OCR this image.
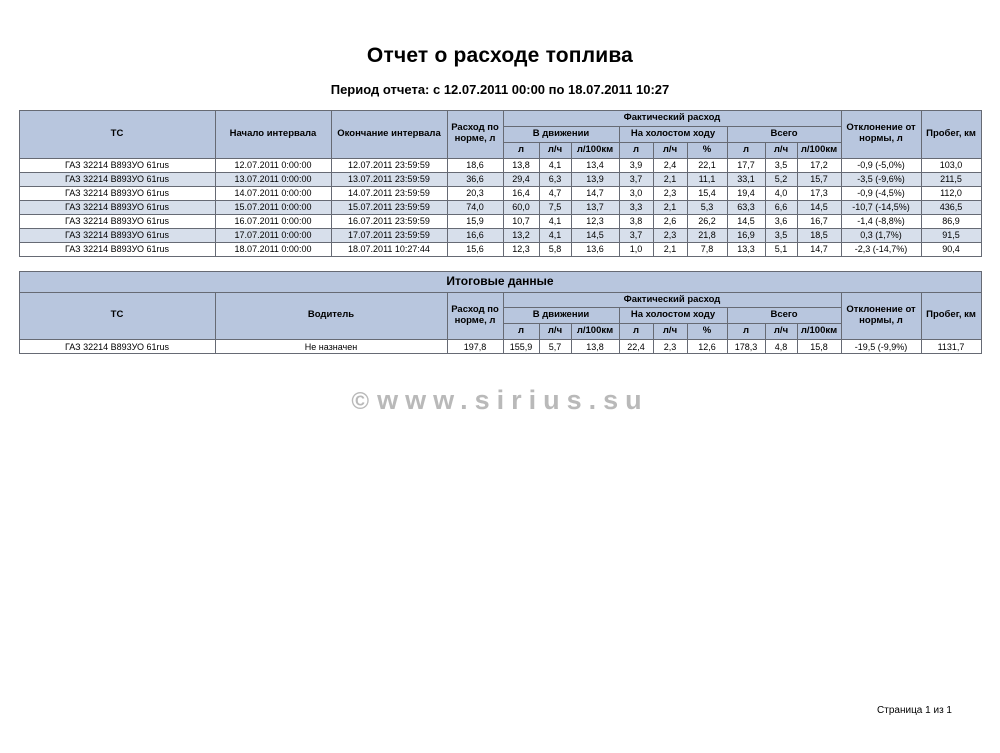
Отчет о расходе топлива
Период отчета: с 12.07.2011 00:00 по 18.07.2011 10:27
ТС	Начало интервала	Окончание интервала	Расход по норме, л	Фактический расход									Отклонение от нормы, л	Пробег, км
				В движении			На холостом ходу			Всего				
				л	л/ч	л/100км	л	л/ч	%	л	л/ч	л/100км		
ГАЗ 32214 В893УО 61rus	12.07.2011 0:00:00	12.07.2011 23:59:59	18,6	13,8	4,1	13,4	3,9	2,4	22,1	17,7	3,5	17,2	-0,9 (-5,0%)	103,0
ГАЗ 32214 В893УО 61rus	13.07.2011 0:00:00	13.07.2011 23:59:59	36,6	29,4	6,3	13,9	3,7	2,1	11,1	33,1	5,2	15,7	-3,5 (-9,6%)	211,5
ГАЗ 32214 В893УО 61rus	14.07.2011 0:00:00	14.07.2011 23:59:59	20,3	16,4	4,7	14,7	3,0	2,3	15,4	19,4	4,0	17,3	-0,9 (-4,5%)	112,0
ГАЗ 32214 В893УО 61rus	15.07.2011 0:00:00	15.07.2011 23:59:59	74,0	60,0	7,5	13,7	3,3	2,1	5,3	63,3	6,6	14,5	-10,7 (-14,5%)	436,5
ГАЗ 32214 В893УО 61rus	16.07.2011 0:00:00	16.07.2011 23:59:59	15,9	10,7	4,1	12,3	3,8	2,6	26,2	14,5	3,6	16,7	-1,4 (-8,8%)	86,9
ГАЗ 32214 В893УО 61rus	17.07.2011 0:00:00	17.07.2011 23:59:59	16,6	13,2	4,1	14,5	3,7	2,3	21,8	16,9	3,5	18,5	0,3 (1,7%)	91,5
ГАЗ 32214 В893УО 61rus	18.07.2011 0:00:00	18.07.2011 10:27:44	15,6	12,3	5,8	13,6	1,0	2,1	7,8	13,3	5,1	14,7	-2,3 (-14,7%)	90,4
Итоговые данные													
ТС	Водитель	Расход по норме, л	Фактический расход									Отклонение от нормы, л	Пробег, км
			В движении			На холостом ходу			Всего				
			л	л/ч	л/100км	л	л/ч	%	л	л/ч	л/100км		
ГАЗ 32214 В893УО 61rus	Не назначен	197,8	155,9	5,7	13,8	22,4	2,3	12,6	178,3	4,8	15,8	-19,5 (-9,9%)	1131,7
© www.sirius.su
Страница 1 из 1
